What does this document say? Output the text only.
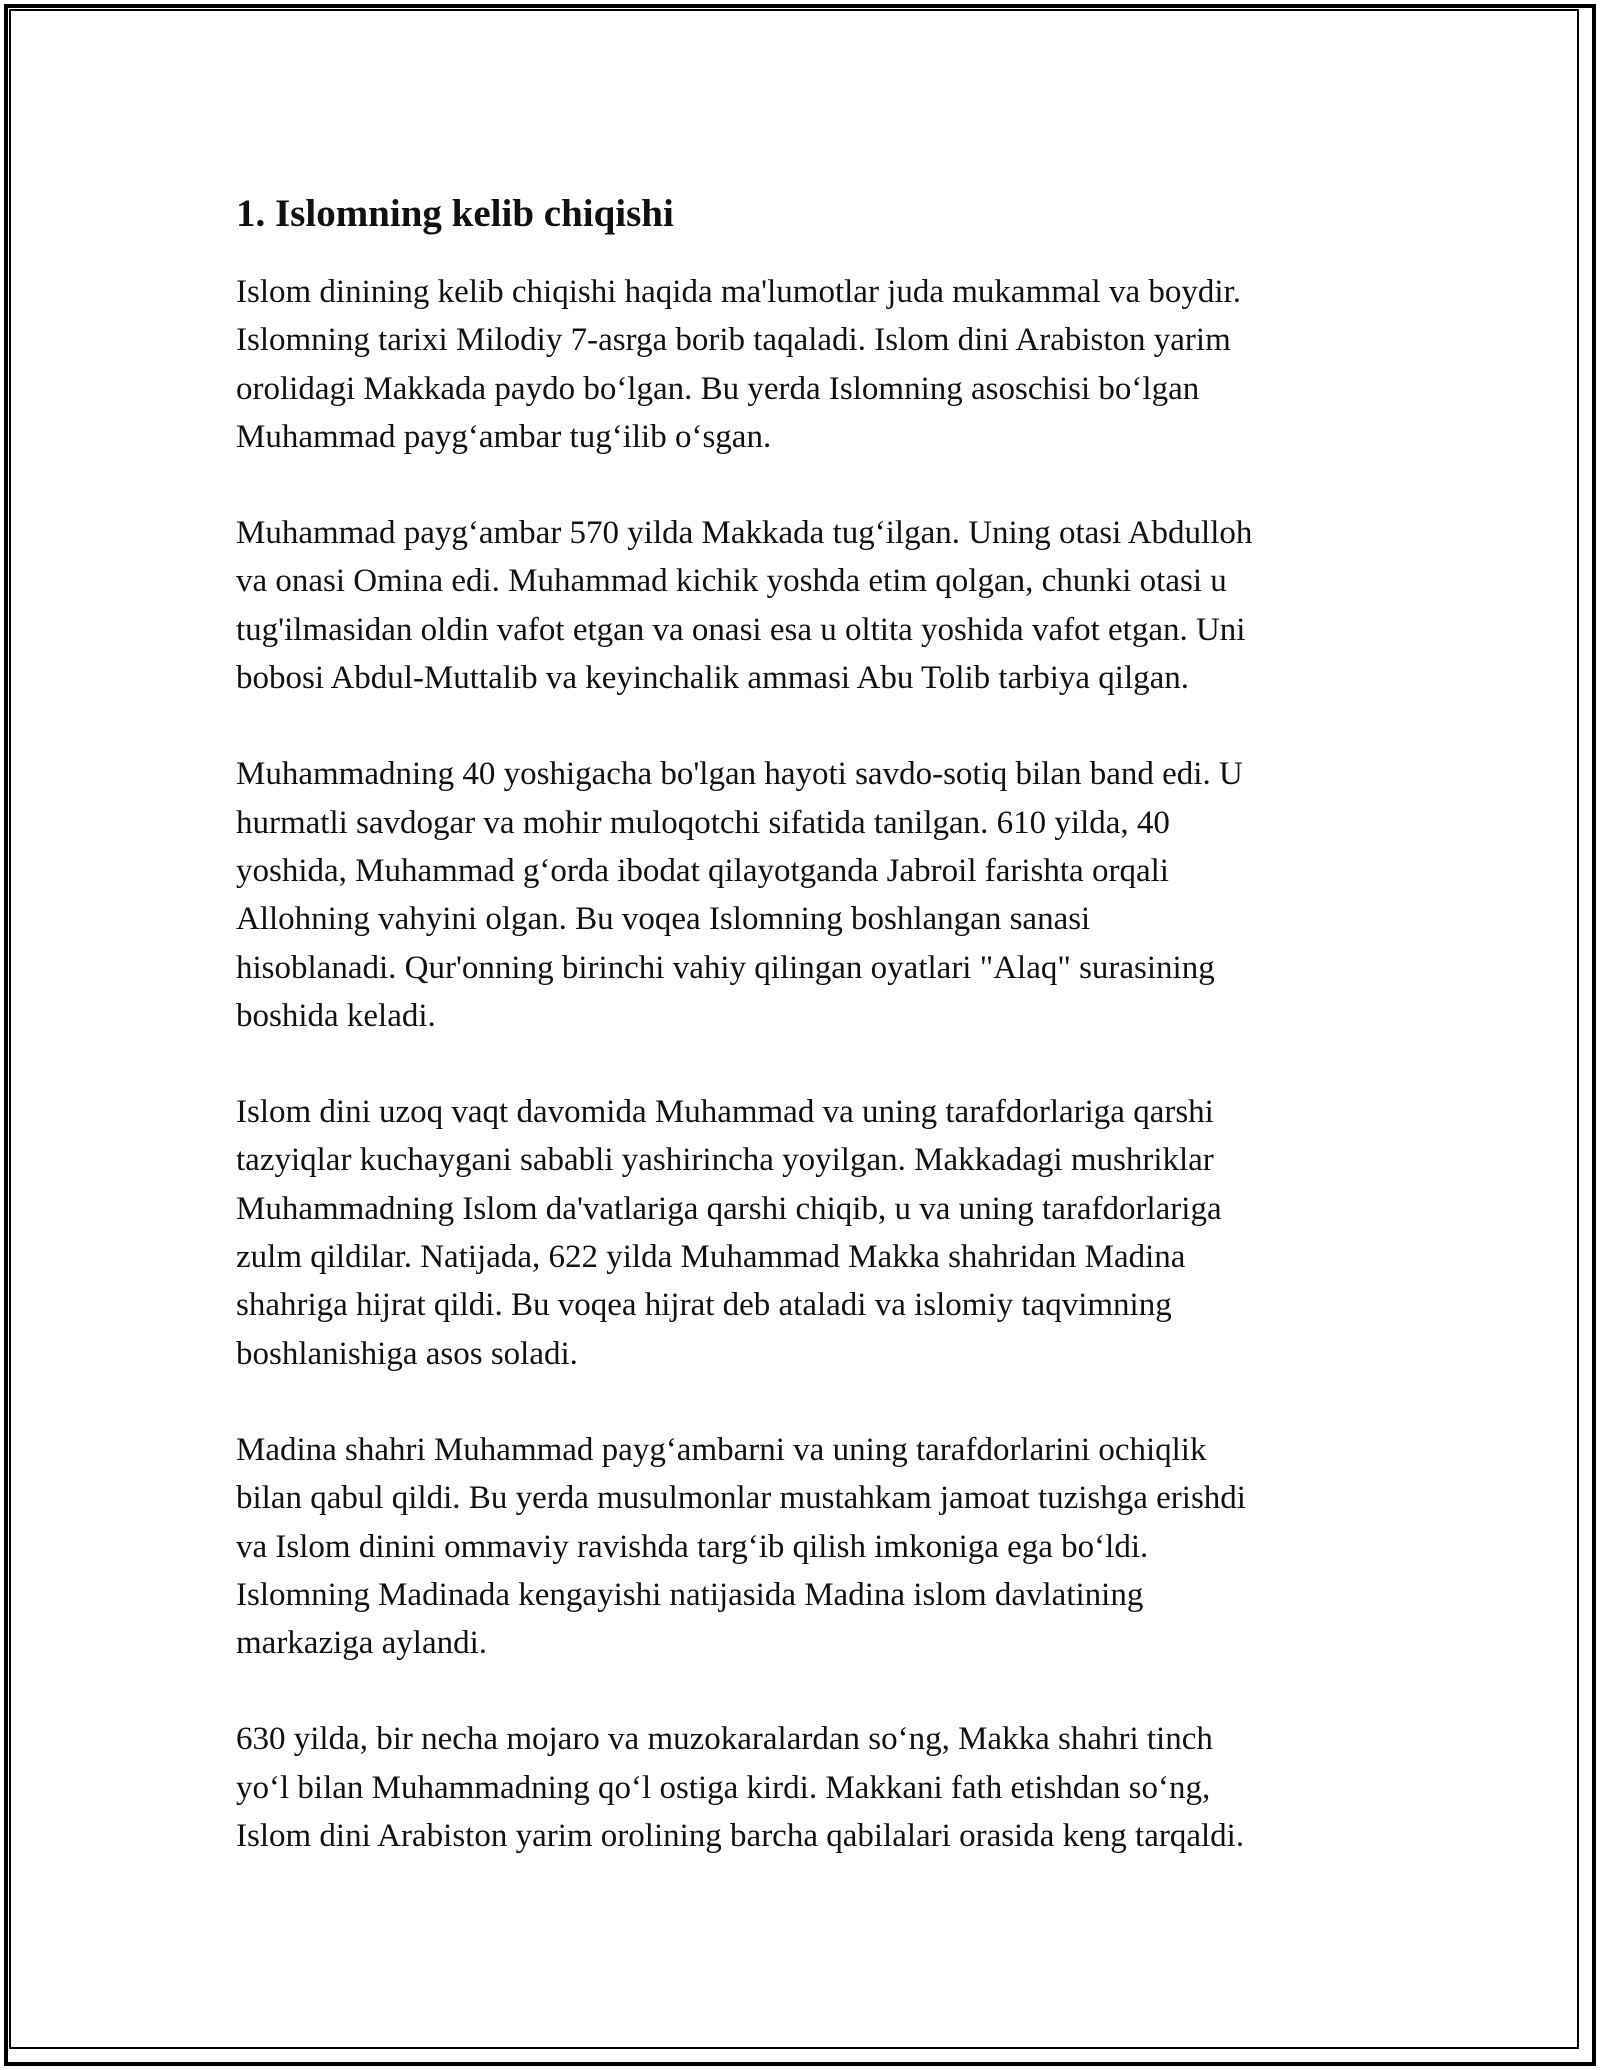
1. Islomning kelib chiqishi

Islom dinining kelib chiqishi haqida ma'lumotlar juda mukammal va boydir.
Islomning tarixi Milodiy 7-asrga borib taqaladi. Islom dini Arabiston yarim
orolidagi Makkada paydo boʻlgan. Bu yerda Islomning asoschisi boʻlgan
Muhammad paygʻambar tugʻilib oʻsgan.

Muhammad paygʻambar 570 yilda Makkada tugʻilgan. Uning otasi Abdulloh
va onasi Omina edi. Muhammad kichik yoshda etim qolgan, chunki otasi u
tug'ilmasidan oldin vafot etgan va onasi esa u oltita yoshida vafot etgan. Uni
bobosi Abdul-Muttalib va keyinchalik ammasi Abu Tolib tarbiya qilgan.

Muhammadning 40 yoshigacha bo'lgan hayoti savdo-sotiq bilan band edi. U
hurmatli savdogar va mohir muloqotchi sifatida tanilgan. 610 yilda, 40
yoshida, Muhammad gʻorda ibodat qilayotganda Jabroil farishta orqali
Allohning vahyini olgan. Bu voqea Islomning boshlangan sanasi
hisoblanadi. Qur'onning birinchi vahiy qilingan oyatlari "Alaq" surasining
boshida keladi.

Islom dini uzoq vaqt davomida Muhammad va uning tarafdorlariga qarshi
tazyiqlar kuchaygani sababli yashirincha yoyilgan. Makkadagi mushriklar
Muhammadning Islom da'vatlariga qarshi chiqib, u va uning tarafdorlariga
zulm qildilar. Natijada, 622 yilda Muhammad Makka shahridan Madina
shahriga hijrat qildi. Bu voqea hijrat deb ataladi va islomiy taqvimning
boshlanishiga asos soladi.

Madina shahri Muhammad paygʻambarni va uning tarafdorlarini ochiqlik
bilan qabul qildi. Bu yerda musulmonlar mustahkam jamoat tuzishga erishdi
va Islom dinini ommaviy ravishda targʻib qilish imkoniga ega boʻldi.
Islomning Madinada kengayishi natijasida Madina islom davlatining
markaziga aylandi.

630 yilda, bir necha mojaro va muzokaralardan soʻng, Makka shahri tinch
yoʻl bilan Muhammadning qoʻl ostiga kirdi. Makkani fath etishdan soʻng,
Islom dini Arabiston yarim orolining barcha qabilalari orasida keng tarqaldi.
